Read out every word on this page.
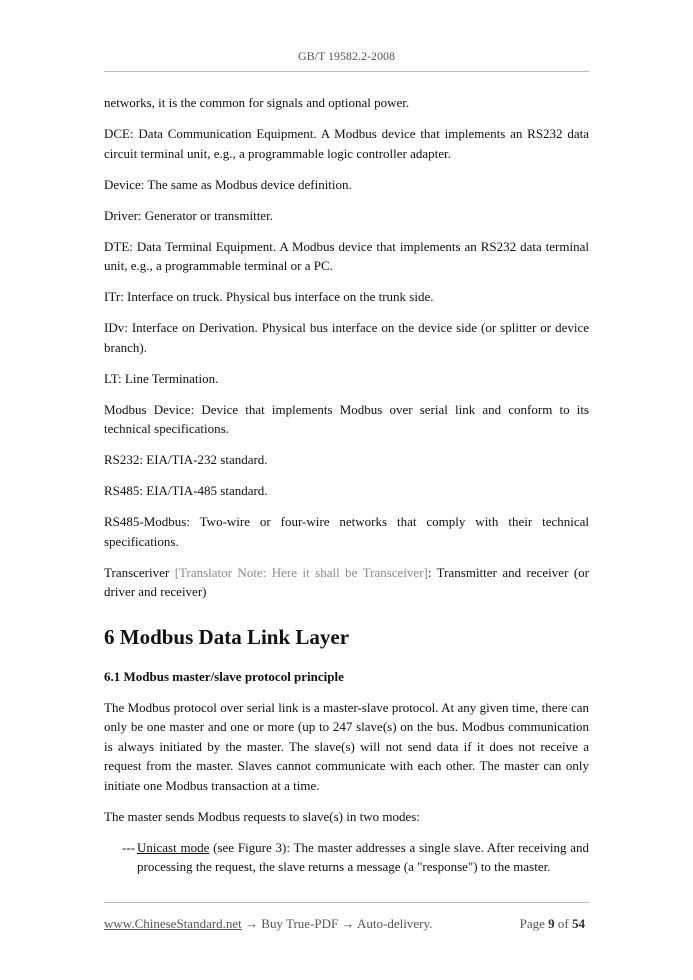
GB/T 19582.2-2008

networks, it is the common for signals and optional power.

DCE: Data Communication Equipment. A Modbus device that implements an RS232 data circuit terminal unit, e.g., a programmable logic controller adapter.

Device: The same as Modbus device definition.

Driver: Generator or transmitter.

DTE: Data Terminal Equipment. A Modbus device that implements an RS232 data terminal unit, e.g., a programmable terminal or a PC.

ITr: Interface on truck. Physical bus interface on the trunk side.

IDv: Interface on Derivation. Physical bus interface on the device side (or splitter or device branch).

LT: Line Termination.

Modbus Device: Device that implements Modbus over serial link and conform to its technical specifications.

RS232: EIA/TIA-232 standard.

RS485: EIA/TIA-485 standard.

RS485-Modbus: Two-wire or four-wire networks that comply with their technical specifications.

Transceriver [Translator Note: Here it shall be Transceiver]: Transmitter and receiver (or driver and receiver)

6 Modbus Data Link Layer
6.1 Modbus master/slave protocol principle

The Modbus protocol over serial link is a master-slave protocol. At any given time, there can only be one master and one or more (up to 247 slave(s) on the bus. Modbus communication is always initiated by the master. The slave(s) will not send data if it does not receive a request from the master. Slaves cannot communicate with each other. The master can only initiate one Modbus transaction at a time.

The master sends Modbus requests to slave(s) in two modes:

--- Unicast mode (see Figure 3): The master addresses a single slave. After receiving and processing the request, the slave returns a message (a "response") to the master.
www.ChineseStandard.net → Buy True-PDF → Auto-delivery.	Page 9 of 54
